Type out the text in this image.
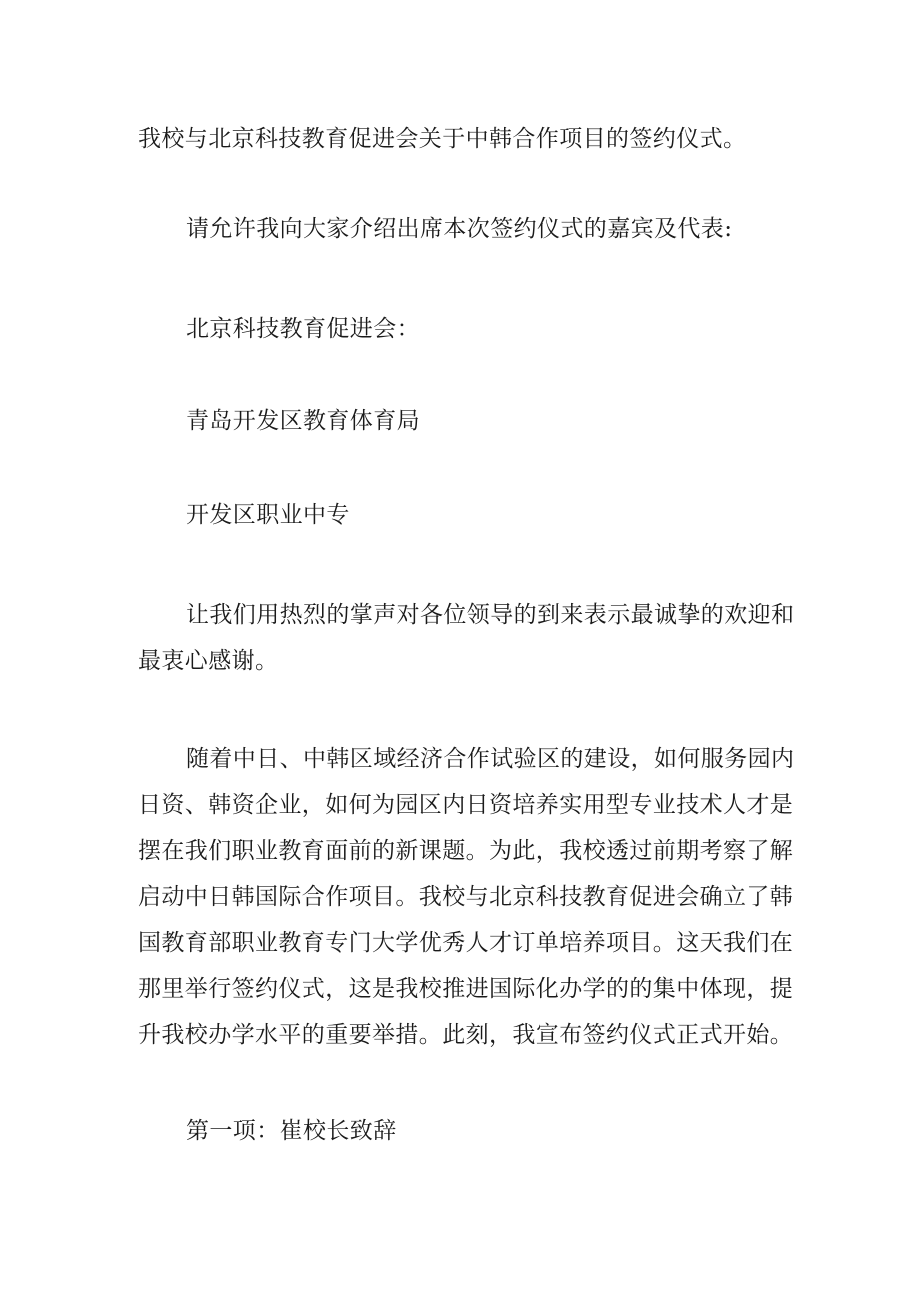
我校与北京科技教育促进会关于中韩合作项目的签约仪式。

请允许我向大家介绍出席本次签约仪式的嘉宾及代表:

北京科技教育促进会：

青岛开发区教育体育局

开发区职业中专

让我们用热烈的掌声对各位领导的到来表示最诚挚的欢迎和最衷心感谢。

随着中日、中韩区域经济合作试验区的建设，如何服务园内日资、韩资企业，如何为园区内日资培养实用型专业技术人才是摆在我们职业教育面前的新课题。为此，我校透过前期考察了解启动中日韩国际合作项目。我校与北京科技教育促进会确立了韩国教育部职业教育专门大学优秀人才订单培养项目。这天我们在那里举行签约仪式，这是我校推进国际化办学的的集中体现，提升我校办学水平的重要举措。此刻，我宣布签约仪式正式开始。

第一项：崔校长致辞
